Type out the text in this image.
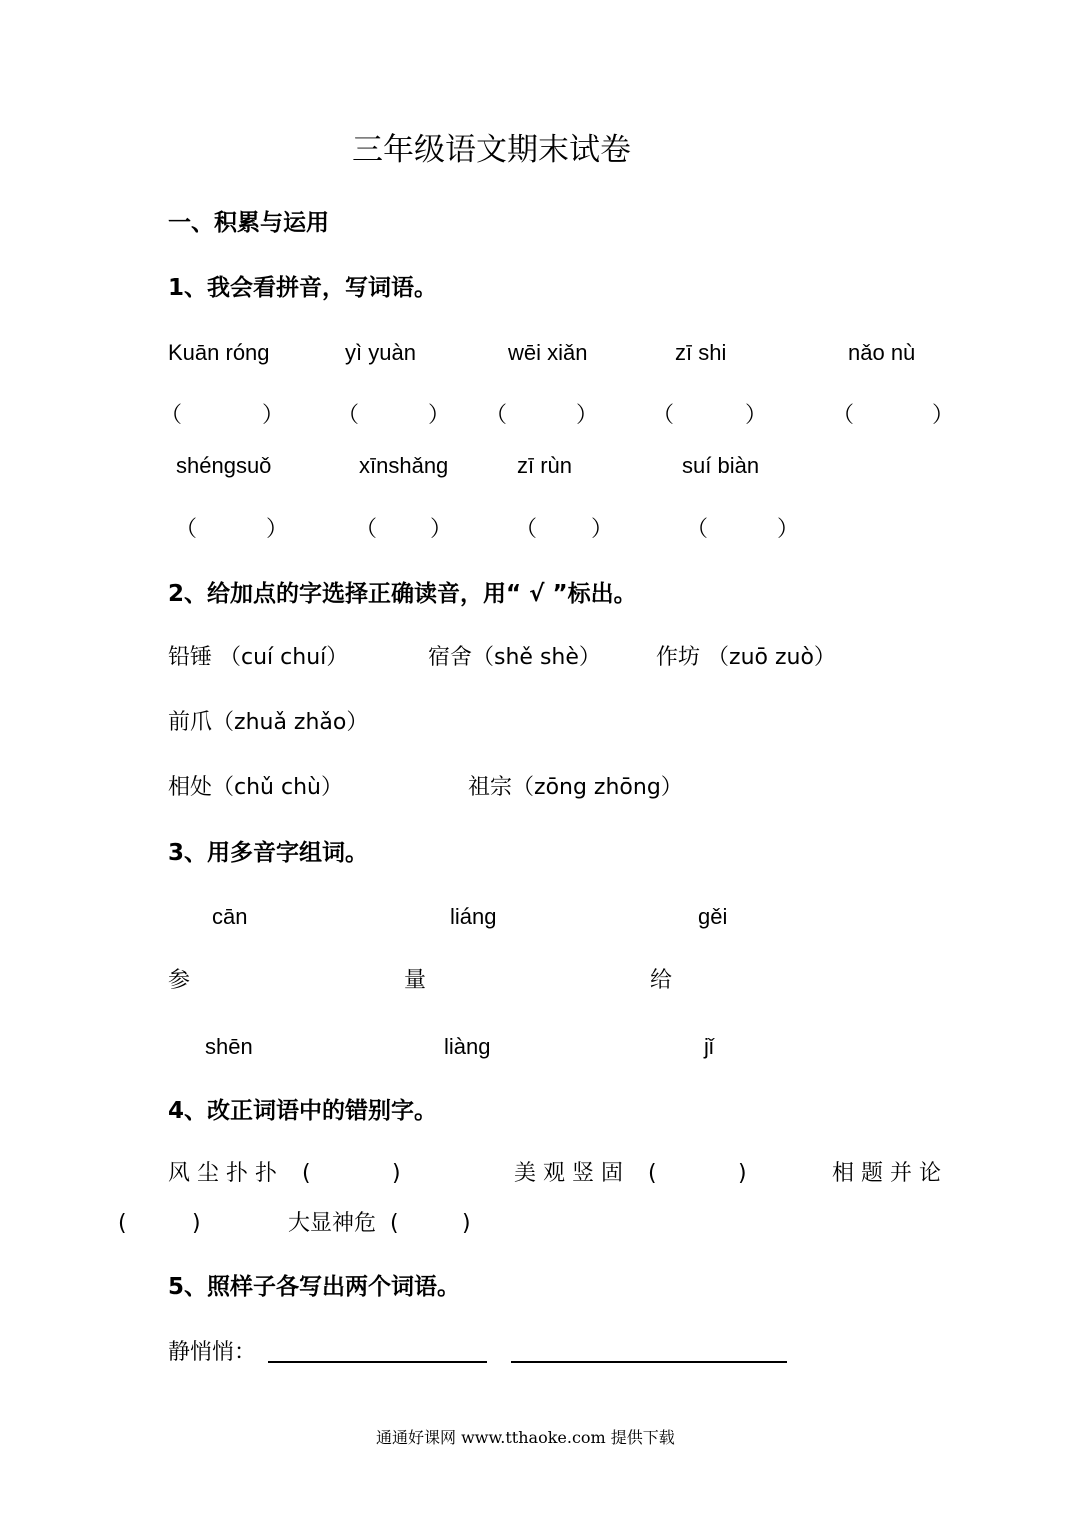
三年级语文期末试卷
一、积累与运用
1、我会看拼音，写词语。
Kuān róng	yì yuàn	wēi xiǎn	zī shi	nǎo nù
（	） （	） （	） （	）	（	）
shéngsuǒ	xīnshǎng	zī rùn	suí biàn
（	）	（ ）	（ ）	（	）
2、给加点的字选择正确读音，用“ √ ”标出。
铅锤 （cuí chuí）	宿舍（shě shè）	作坊 （zuō zuò）
前爪（zhuǎ zhǎo）
相处（chǔ chù）	祖宗（zōng zhōng）
3、用多音字组词。
cān	liáng	gěi
参	量	给
shēn	liàng	jǐ
4、改正词语中的错别字。
风 尘 扑 扑 (	)	美 观 竖 固 (	)	相 题 并 论
(	)	大显神危 (	)
5、照样子各写出两个词语。
静悄悄：
通通好课网 www.tthaoke.com 提供下载
